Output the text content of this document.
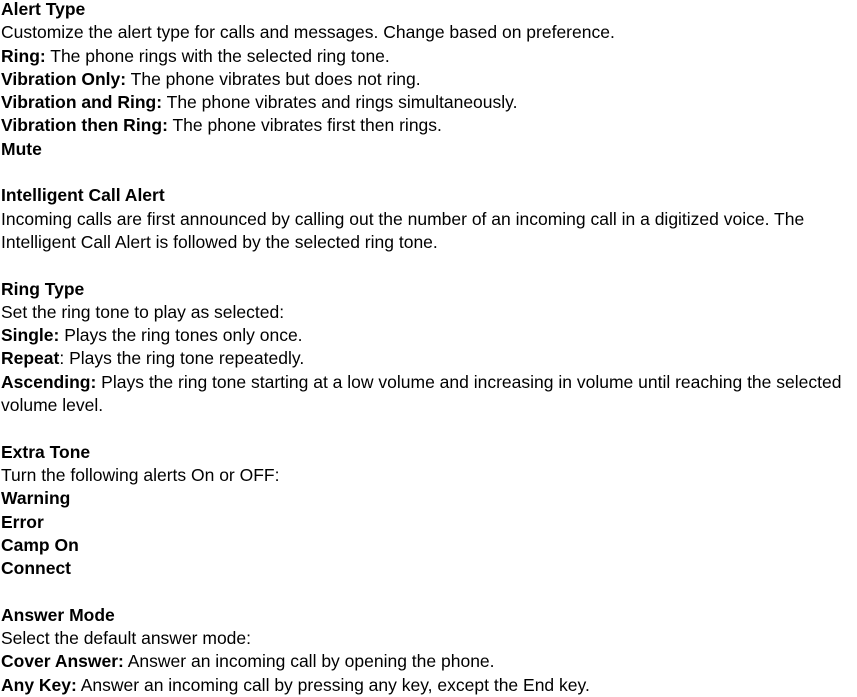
Alert Type
Customize the alert type for calls and messages. Change based on preference.
Ring: The phone rings with the selected ring tone.
Vibration Only: The phone vibrates but does not ring.
Vibration and Ring: The phone vibrates and rings simultaneously.
Vibration then Ring: The phone vibrates first then rings.
Mute
Intelligent Call Alert
Incoming calls are first announced by calling out the number of an incoming call in a digitized voice. The Intelligent Call Alert is followed by the selected ring tone.
Ring Type
Set the ring tone to play as selected:
Single: Plays the ring tones only once.
Repeat: Plays the ring tone repeatedly.
Ascending: Plays the ring tone starting at a low volume and increasing in volume until reaching the selected volume level.
Extra Tone
Turn the following alerts On or OFF:
Warning
Error
Camp On
Connect
Answer Mode
Select the default answer mode:
Cover Answer: Answer an incoming call by opening the phone.
Any Key: Answer an incoming call by pressing any key, except the End key.
